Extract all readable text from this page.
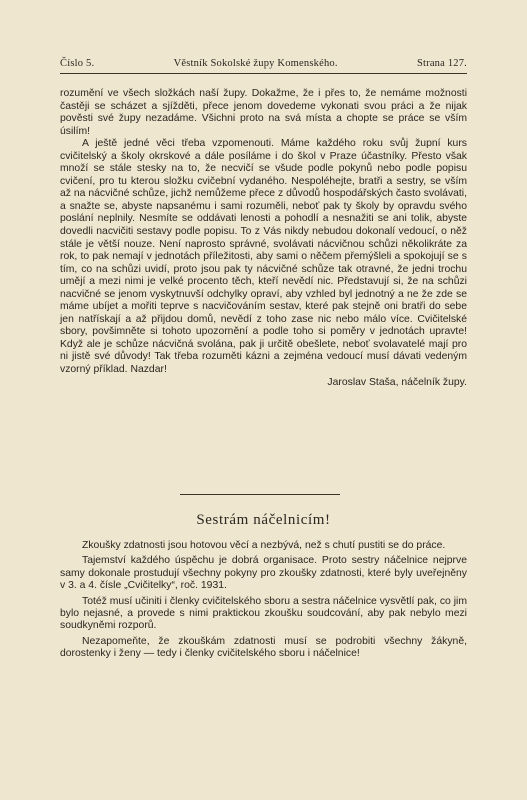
Číslo 5.	Věstník Sokolské župy Komenského.	Strana 127.

rozumění ve všech složkách naší župy. Dokažme, že i přes to, že nemáme možnosti častěji se scházet a sjížděti, přece jenom dovedeme vykonati svou práci a že nijak pověsti své župy nezadáme. Všichni proto na svá místa a chopte se práce se vším úsilím!

A ještě jedné věci třeba vzpomenouti. Máme každého roku svůj župní kurs cvičitelský a školy okrskové a dále posíláme i do škol v Praze účastníky. Přesto však množí se stále stesky na to, že necvičí se všude podle pokynů nebo podle popisu cvičení, pro tu kterou složku cvičební vydaného. Nespoléhejte, bratři a sestry, se vším až na nácvičné schůze, jichž nemůžeme přece z důvodů hospodářských často svolávati, a snažte se, abyste napsanému i sami rozuměli, neboť pak ty školy by opravdu svého poslání neplnily. Nesmíte se oddávati lenosti a pohodlí a nesnažiti se ani tolik, abyste dovedli nacvičiti sestavy podle popisu. To z Vás nikdy nebudou dokonalí vedoucí, o něž stále je větší nouze. Není naprosto správné, svolávati nácvičnou schůzi několikráte za rok, to pak nemají v jednotách příležitosti, aby sami o něčem přemýšleli a spokojují se s tím, co na schůzi uvidí, proto jsou pak ty nácvičné schůze tak otravné, že jedni trochu umějí a mezi nimi je velké procento těch, kteří nevědí nic. Představují si, že na schůzi nacvičné se jenom vyskytnuvší odchylky opraví, aby vzhled byl jednotný a ne že zde se máme ubíjet a mořiti teprve s nacvičováním sestav, které pak stejně oni bratři do sebe jen natřískají a až přijdou domů, nevědí z toho zase nic nebo málo více. Cvičitelské sbory, povšimněte si tohoto upozornění a podle toho si poměry v jednotách upravte! Když ale je schůze nácvičná svolána, pak ji určitě obešlete, neboť svolavatelé mají pro ni jistě své důvody! Tak třeba rozuměti kázni a zejména vedoucí musí dávati vedeným vzorný příklad. Nazdar!

Jaroslav Staša, náčelník župy.

Sestrám náčelnicím!

Zkoušky zdatnosti jsou hotovou věcí a nezbývá, než s chutí pustiti se do práce.

Tajemství každého úspěchu je dobrá organisace. Proto sestry náčelnice nejprve samy dokonale prostudují všechny pokyny pro zkoušky zdatnosti, které byly uveřejněny v 3. a 4. čísle „Cvičitelky“, roč. 1931.

Totéž musí učiniti i členky cvičitelského sboru a sestra náčelnice vysvětlí pak, co jim bylo nejasné, a provede s nimi praktickou zkoušku soudcování, aby pak nebylo mezi soudkyněmi rozporů.

Nezapomeňte, že zkouškám zdatnosti musí se podrobiti všechny žákyně, dorostenky i ženy — tedy i členky cvičitelského sboru i náčelnice!
